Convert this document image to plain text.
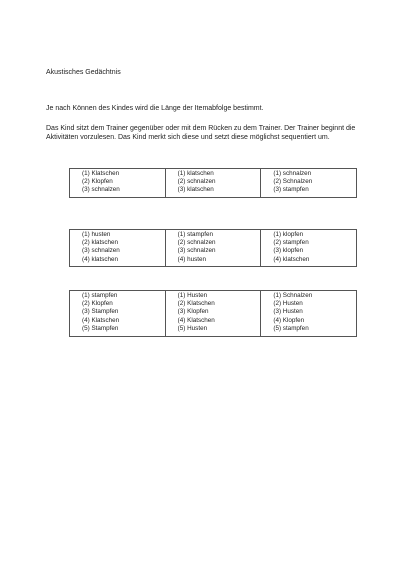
Akustisches Gedächtnis

Je nach Können des Kindes wird die Länge der Itemabfolge bestimmt.

Das Kind sitzt dem Trainer gegenüber oder mit dem Rücken zu dem Trainer. Der Trainer beginnt die Aktivitäten vorzulesen. Das Kind merkt sich diese und setzt diese möglichst sequentiert um.

(1) Klatschen
(2) Klopfen
(3) schnalzen
(1) klatschen
(2) schnalzen
(3) klatschen
(1) schnalzen
(2) Schnalzen
(3) stampfen
(1) husten
(2) klatschen
(3) schnalzen
(4) klatschen
(1) stampfen
(2) schnalzen
(3) schnalzen
(4) husten
(1) klopfen
(2) stampfen
(3) klopfen
(4) klatschen
(1) stampfen
(2) Klopfen
(3) Stampfen
(4) Klatschen
(5) Stampfen
(1) Husten
(2) Klatschen
(3) Klopfen
(4) Klatschen
(5) Husten
(1) Schnalzen
(2) Husten
(3) Husten
(4) Klopfen
(5) stampfen
